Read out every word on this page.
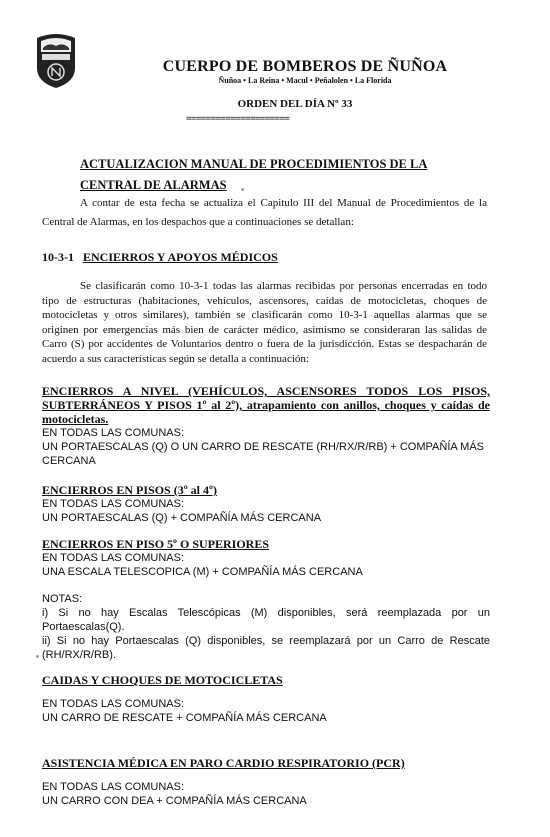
CUERPO DE BOMBEROS DE ÑUÑOA
Ñuñoa • La Reina • Macul • Peñalolen • La Florida
ORDEN DEL DÍA Nº 33
=====================
ACTUALIZACION MANUAL DE PROCEDIMIENTOS DE LA CENTRAL DE ALARMAS
A contar de esta fecha se actualiza el Capitulo III del Manual de Procedimientos de la Central de Alarmas, en los despachos que a continuaciones se detallan:
10-3-1 ENCIERROS Y APOYOS MÉDICOS
Se clasificarán como 10-3-1 todas las alarmas recibidas por personas encerradas en todo tipo de estructuras (habitaciones, vehículos, ascensores, caídas de motocicletas, choques de motocicletas y otros similares), también se clasificarán como 10-3-1 aquellas alarmas que se originen por emergencias más bien de carácter médico, asimismo se consideraran las salidas de Carro (S) por accidentes de Voluntarios dentro o fuera de la jurisdicción. Estas se despacharán de acuerdo a sus características según se detalla a continuación:
ENCIERROS A NIVEL (VEHÍCULOS, ASCENSORES TODOS LOS PISOS, SUBTERRÁNEOS Y PISOS 1º al 2º), atrapamiento con anillos, choques y caídas de motocicletas.
EN TODAS LAS COMUNAS:
UN PORTAESCALAS (Q) O UN CARRO DE RESCATE (RH/RX/R/RB) + COMPAÑÍA MÁS CERCANA
ENCIERROS EN PISOS (3º al 4º)
EN TODAS LAS COMUNAS:
UN PORTAESCALAS (Q) + COMPAÑÍA MÁS CERCANA
ENCIERROS EN PISO 5º O SUPERIORES
EN TODAS LAS COMUNAS:
UNA ESCALA TELESCOPICA (M) + COMPAÑÍA MÁS CERCANA
NOTAS:
i) Si no hay Escalas Telescópicas (M) disponibles, será reemplazada por un Portaescalas(Q).
ii) Si no hay Portaescalas (Q) disponibles, se reemplazará por un Carro de Rescate (RH/RX/R/RB).
CAIDAS Y CHOQUES DE MOTOCICLETAS
EN TODAS LAS COMUNAS:
UN CARRO DE RESCATE + COMPAÑÍA MÁS CERCANA
ASISTENCIA MÉDICA EN PARO CARDIO RESPIRATORIO (PCR)
EN TODAS LAS COMUNAS:
UN CARRO CON DEA + COMPAÑÍA MÁS CERCANA
